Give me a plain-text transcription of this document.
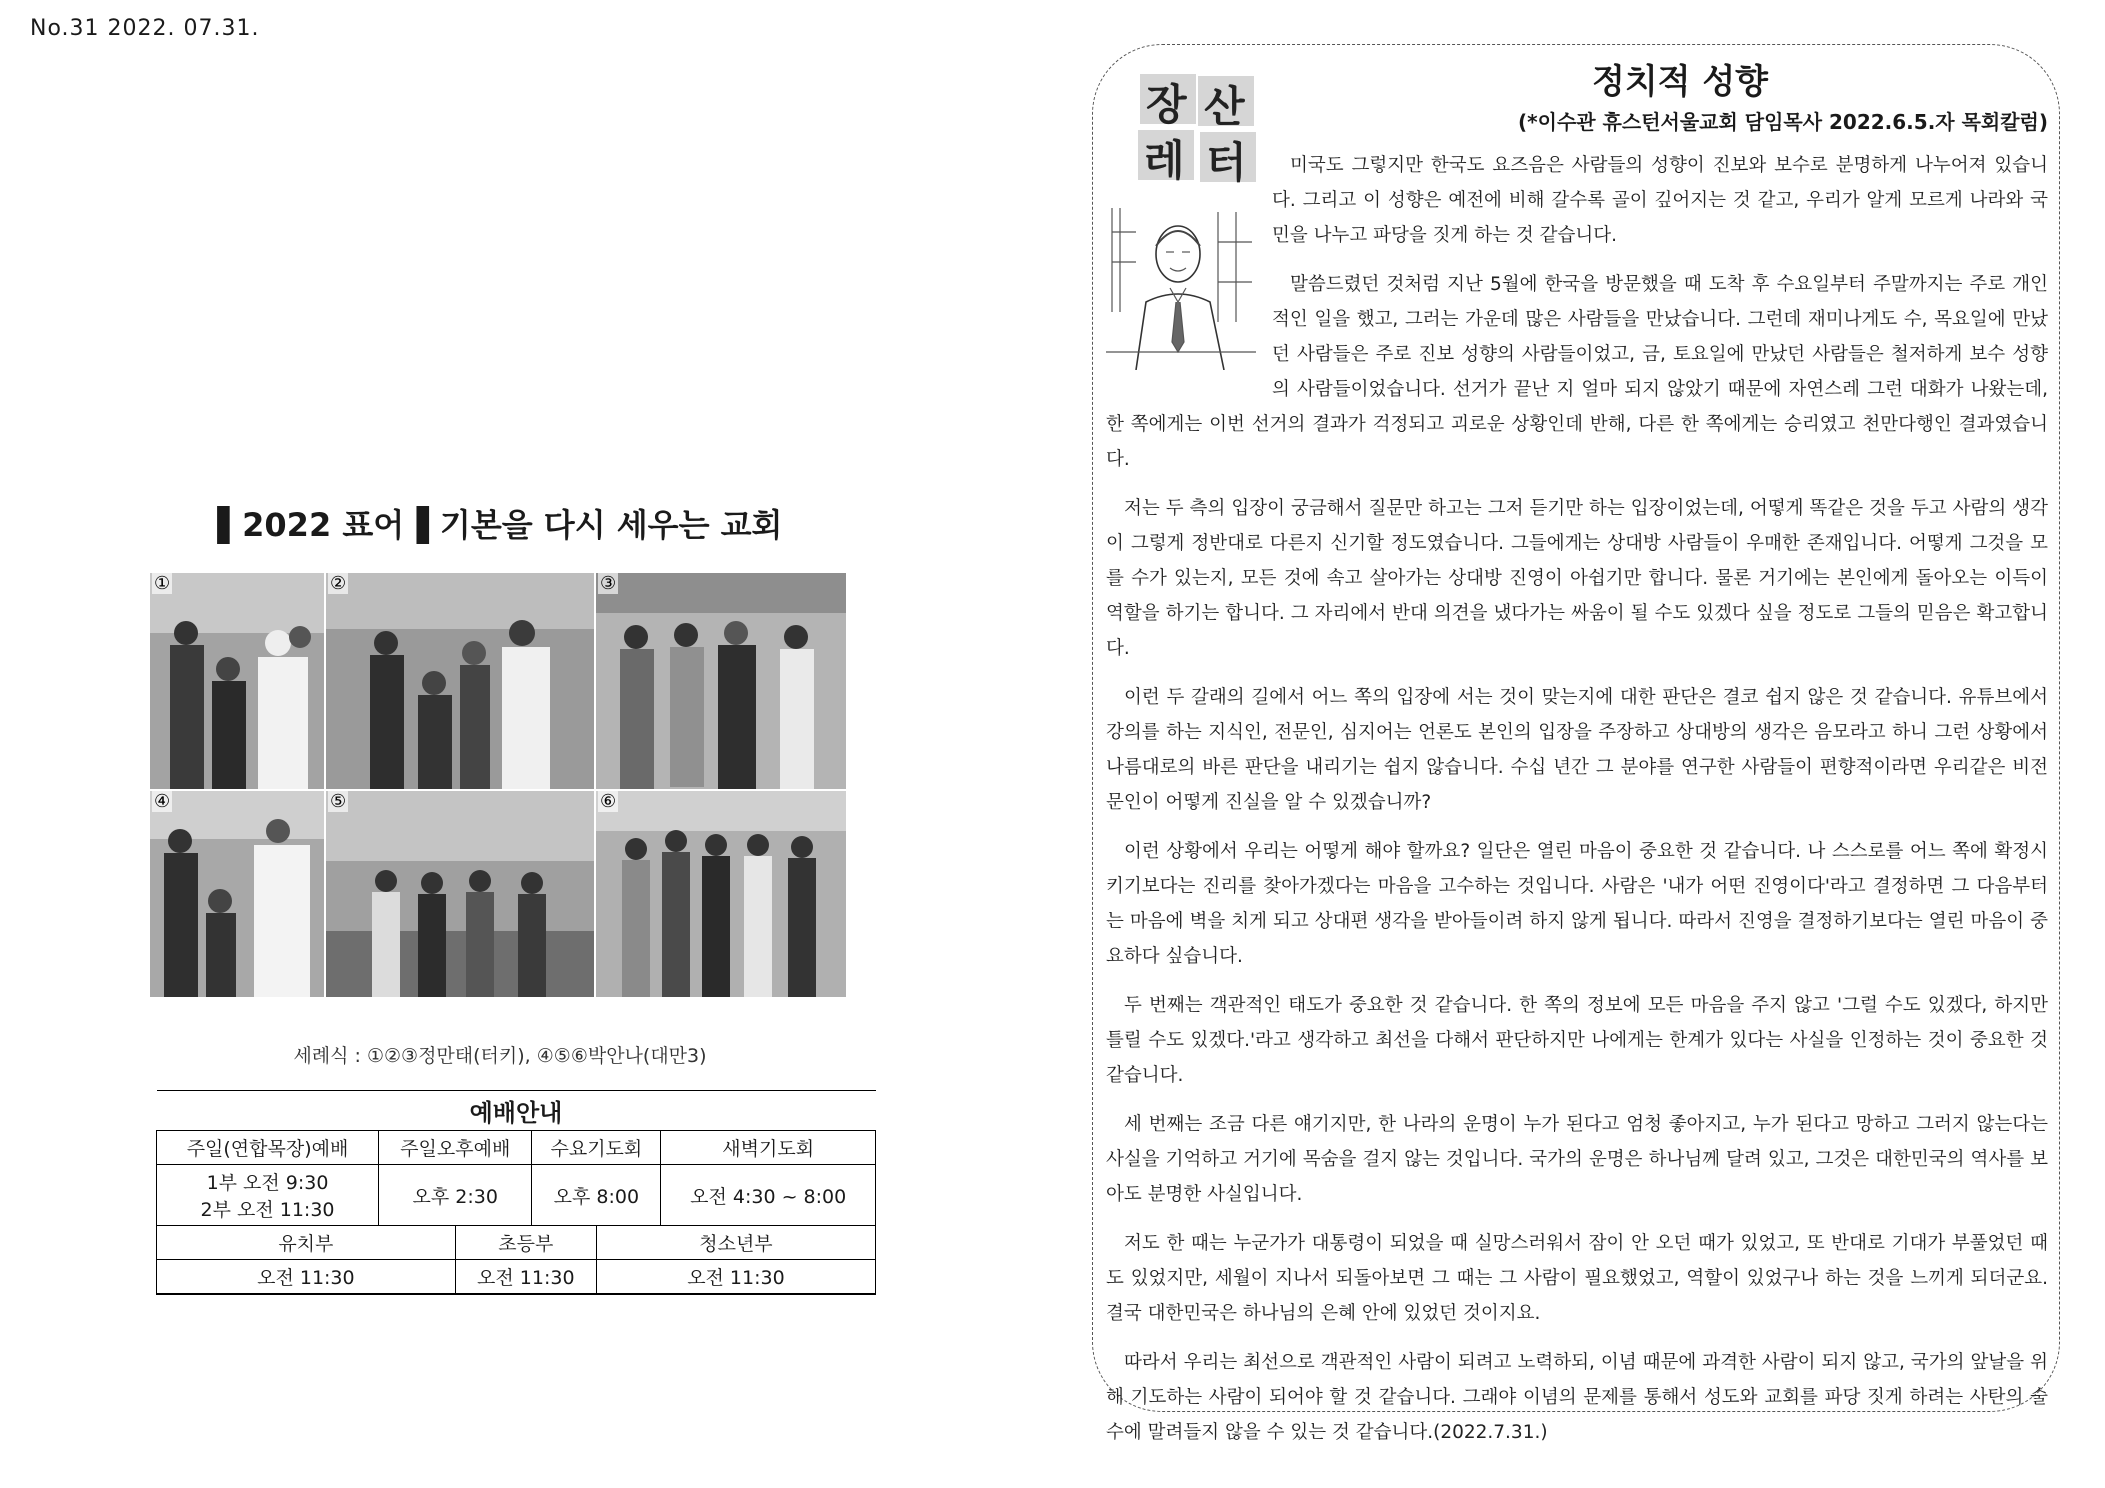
No.31 2022. 07.31.
▌2022 표어▐ 기본을 다시 세우는 교회
①	②	③
④	⑤	⑥
세례식 : ①②③정만태(터키), ④⑤⑥박안나(대만3)
예배안내					
주일(연합목장)예배	주일오후예배		수요기도회		새벽기도회

1부 오전 9:30
2부 오전 11:30	오후 2:30		오후 8:00		오전 4:30 ~ 8:00
유치부		초등부		청소년부	
오전 11:30		오전 11:30		오전 11:30	
장 산
레 터
정치적 성향
(*이수관 휴스턴서울교회 담임목사 2022.6.5.자 목회칼럼)

미국도 그렇지만 한국도 요즈음은 사람들의 성향이 진보와 보수로 분명하게 나누어져 있습니다. 그리고 이 성향은 예전에 비해 갈수록 골이 깊어지는 것 같고, 우리가 알게 모르게 나라와 국민을 나누고 파당을 짓게 하는 것 같습니다.

말씀드렸던 것처럼 지난 5월에 한국을 방문했을 때 도착 후 수요일부터 주말까지는 주로 개인적인 일을 했고, 그러는 가운데 많은 사람들을 만났습니다. 그런데 재미나게도 수, 목요일에 만났던 사람들은 주로 진보 성향의 사람들이었고, 금, 토요일에 만났던 사람들은 철저하게 보수 성향의 사람들이었습니다. 선거가 끝난 지 얼마 되지 않았기 때문에 자연스레 그런 대화가 나왔는데, 한 쪽에게는 이번 선거의 결과가 걱정되고 괴로운 상황인데 반해, 다른 한 쪽에게는 승리였고 천만다행인 결과였습니다.

저는 두 측의 입장이 궁금해서 질문만 하고는 그저 듣기만 하는 입장이었는데, 어떻게 똑같은 것을 두고 사람의 생각이 그렇게 정반대로 다른지 신기할 정도였습니다. 그들에게는 상대방 사람들이 우매한 존재입니다. 어떻게 그것을 모를 수가 있는지, 모든 것에 속고 살아가는 상대방 진영이 아쉽기만 합니다. 물론 거기에는 본인에게 돌아오는 이득이 역할을 하기는 합니다. 그 자리에서 반대 의견을 냈다가는 싸움이 될 수도 있겠다 싶을 정도로 그들의 믿음은 확고합니다.

이런 두 갈래의 길에서 어느 쪽의 입장에 서는 것이 맞는지에 대한 판단은 결코 쉽지 않은 것 같습니다. 유튜브에서 강의를 하는 지식인, 전문인, 심지어는 언론도 본인의 입장을 주장하고 상대방의 생각은 음모라고 하니 그런 상황에서 나름대로의 바른 판단을 내리기는 쉽지 않습니다. 수십 년간 그 분야를 연구한 사람들이 편향적이라면 우리같은 비전문인이 어떻게 진실을 알 수 있겠습니까?

이런 상황에서 우리는 어떻게 해야 할까요? 일단은 열린 마음이 중요한 것 같습니다. 나 스스로를 어느 쪽에 확정시키기보다는 진리를 찾아가겠다는 마음을 고수하는 것입니다. 사람은 '내가 어떤 진영이다'라고 결정하면 그 다음부터는 마음에 벽을 치게 되고 상대편 생각을 받아들이려 하지 않게 됩니다. 따라서 진영을 결정하기보다는 열린 마음이 중요하다 싶습니다.

두 번째는 객관적인 태도가 중요한 것 같습니다. 한 쪽의 정보에 모든 마음을 주지 않고 '그럴 수도 있겠다, 하지만 틀릴 수도 있겠다.'라고 생각하고 최선을 다해서 판단하지만 나에게는 한계가 있다는 사실을 인정하는 것이 중요한 것 같습니다.

세 번째는 조금 다른 얘기지만, 한 나라의 운명이 누가 된다고 엄청 좋아지고, 누가 된다고 망하고 그러지 않는다는 사실을 기억하고 거기에 목숨을 걸지 않는 것입니다. 국가의 운명은 하나님께 달려 있고, 그것은 대한민국의 역사를 보아도 분명한 사실입니다.

저도 한 때는 누군가가 대통령이 되었을 때 실망스러워서 잠이 안 오던 때가 있었고, 또 반대로 기대가 부풀었던 때도 있었지만, 세월이 지나서 되돌아보면 그 때는 그 사람이 필요했었고, 역할이 있었구나 하는 것을 느끼게 되더군요. 결국 대한민국은 하나님의 은혜 안에 있었던 것이지요.

따라서 우리는 최선으로 객관적인 사람이 되려고 노력하되, 이념 때문에 과격한 사람이 되지 않고, 국가의 앞날을 위해 기도하는 사람이 되어야 할 것 같습니다. 그래야 이념의 문제를 통해서 성도와 교회를 파당 짓게 하려는 사탄의 술수에 말려들지 않을 수 있는 것 같습니다.(2022.7.31.)
